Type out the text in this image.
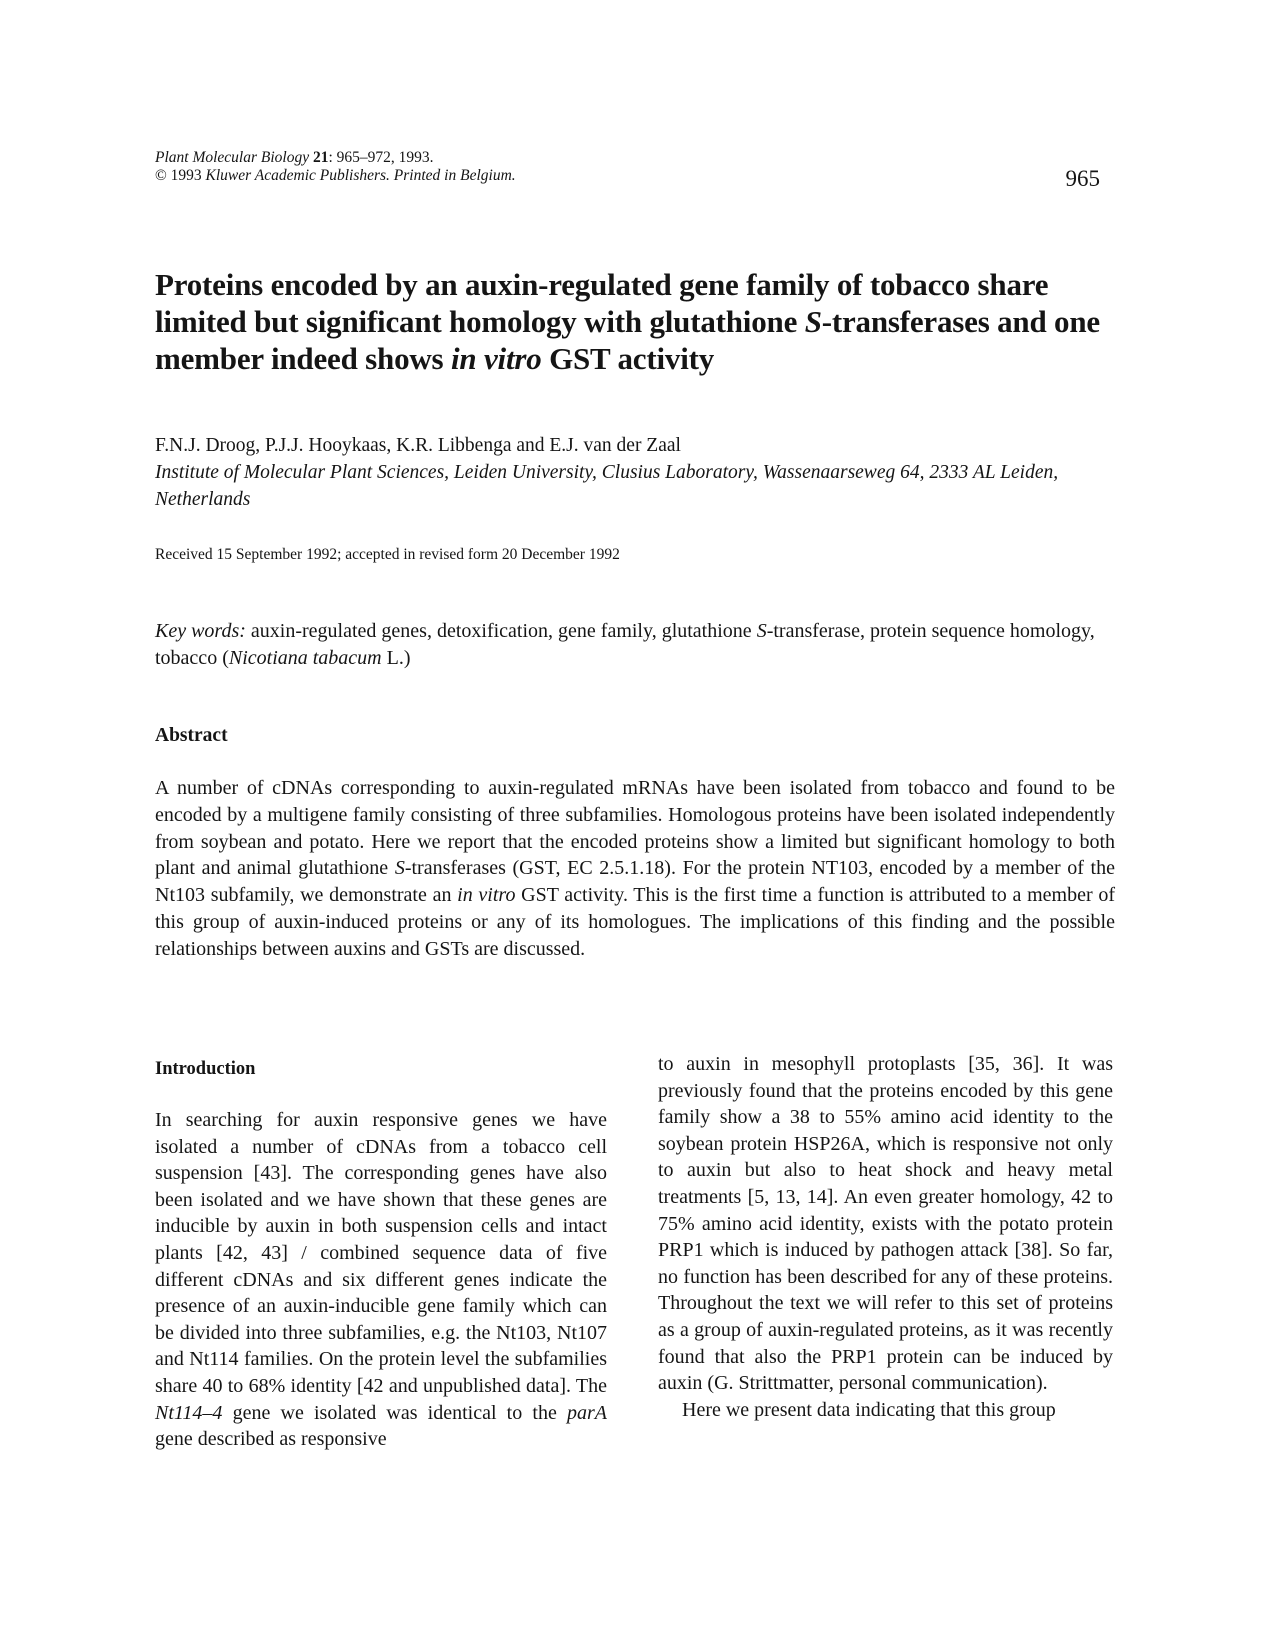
Plant Molecular Biology 21: 965–972, 1993.
© 1993 Kluwer Academic Publishers. Printed in Belgium.	965
Proteins encoded by an auxin-regulated gene family of tobacco share limited but significant homology with glutathione S-transferases and one member indeed shows in vitro GST activity
F.N.J. Droog, P.J.J. Hooykaas, K.R. Libbenga and E.J. van der Zaal
Institute of Molecular Plant Sciences, Leiden University, Clusius Laboratory, Wassenaarseweg 64, 2333 AL Leiden, Netherlands
Received 15 September 1992; accepted in revised form 20 December 1992
Key words: auxin-regulated genes, detoxification, gene family, glutathione S-transferase, protein sequence homology, tobacco (Nicotiana tabacum L.)
Abstract
A number of cDNAs corresponding to auxin-regulated mRNAs have been isolated from tobacco and found to be encoded by a multigene family consisting of three subfamilies. Homologous proteins have been isolated independently from soybean and potato. Here we report that the encoded proteins show a limited but significant homology to both plant and animal glutathione S-transferases (GST, EC 2.5.1.18). For the protein NT103, encoded by a member of the Nt103 subfamily, we demonstrate an in vitro GST activity. This is the first time a function is attributed to a member of this group of auxin-induced proteins or any of its homologues. The implications of this finding and the possible relationships between auxins and GSTs are discussed.
Introduction

In searching for auxin responsive genes we have isolated a number of cDNAs from a tobacco cell suspension [43]. The corresponding genes have also been isolated and we have shown that these genes are inducible by auxin in both suspension cells and intact plants [42, 43] / combined sequence data of five different cDNAs and six different genes indicate the presence of an auxin-inducible gene family which can be divided into three subfamilies, e.g. the Nt103, Nt107 and Nt114 families. On the protein level the subfamilies share 40 to 68% identity [42 and unpublished data]. The Nt114–4 gene we isolated was identical to the parA gene described as responsive

to auxin in mesophyll protoplasts [35, 36]. It was previously found that the proteins encoded by this gene family show a 38 to 55% amino acid identity to the soybean protein HSP26A, which is responsive not only to auxin but also to heat shock and heavy metal treatments [5, 13, 14]. An even greater homology, 42 to 75% amino acid identity, exists with the potato protein PRP1 which is induced by pathogen attack [38]. So far, no function has been described for any of these proteins. Throughout the text we will refer to this set of proteins as a group of auxin-regulated proteins, as it was recently found that also the PRP1 protein can be induced by auxin (G. Strittmatter, personal communication).

Here we present data indicating that this group
